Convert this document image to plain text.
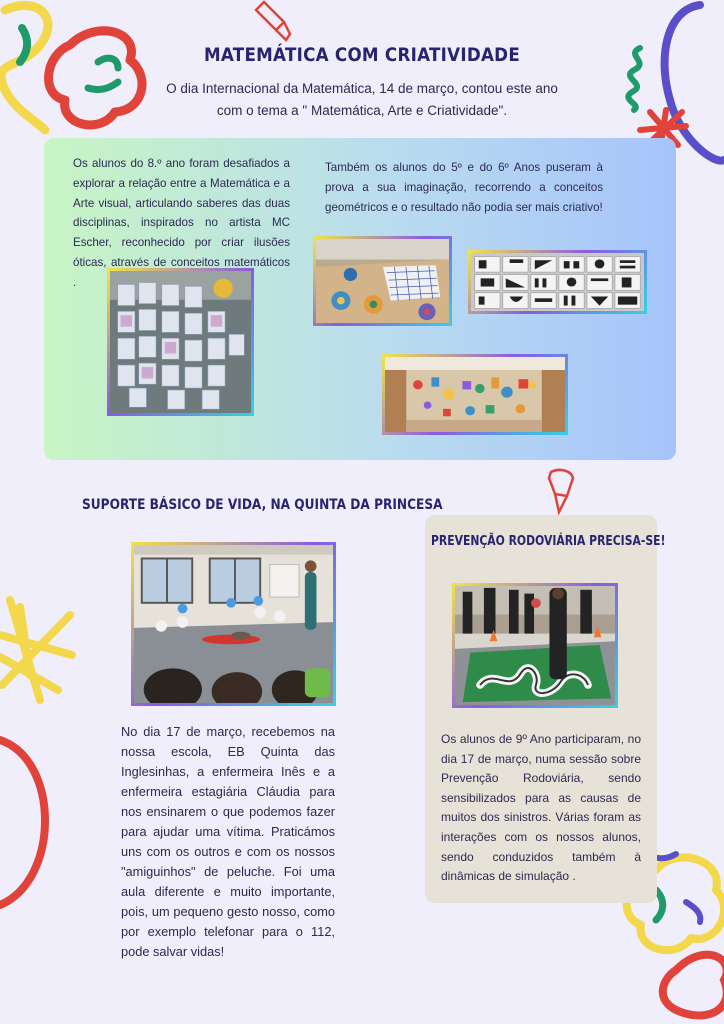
MATEMÁTICA COM CRIATIVIDADE
O dia Internacional da Matemática, 14 de março, contou este ano
com o tema a " Matemática, Arte e Criatividade".
Os alunos do 8.º ano foram desafiados a explorar a relação entre a Matemática e a Arte visual, articulando saberes das duas disciplinas, inspirados no artista MC Escher, reconhecido por criar ilusões óticas, através de conceitos matemáticos .
Também os alunos do 5º e do 6º Anos puseram à prova a sua imaginação, recorrendo a conceitos geométricos e o resultado não podia ser mais criativo!
SUPORTE BÁSICO DE VIDA, NA QUINTA DA PRINCESA
No dia 17 de março, recebemos na nossa escola, EB Quinta das Inglesinhas, a enfermeira Inês e a enfermeira estagiária Cláudia para nos ensinarem o que podemos fazer para ajudar uma vítima. Praticámos uns com os outros e com os nossos "amiguinhos" de peluche. Foi uma aula diferente e muito importante, pois, um pequeno gesto nosso, como por exemplo telefonar para o 112, pode salvar vidas!
PREVENÇÃO RODOVIÁRIA PRECISA-SE!
Os alunos de 9º Ano participaram, no dia 17 de março, numa sessão sobre Prevenção Rodoviária, sendo sensibilizados para as causas de muitos dos sinistros. Várias foram as interações com os nossos alunos, sendo conduzidos também à dinâmicas de simulação .
